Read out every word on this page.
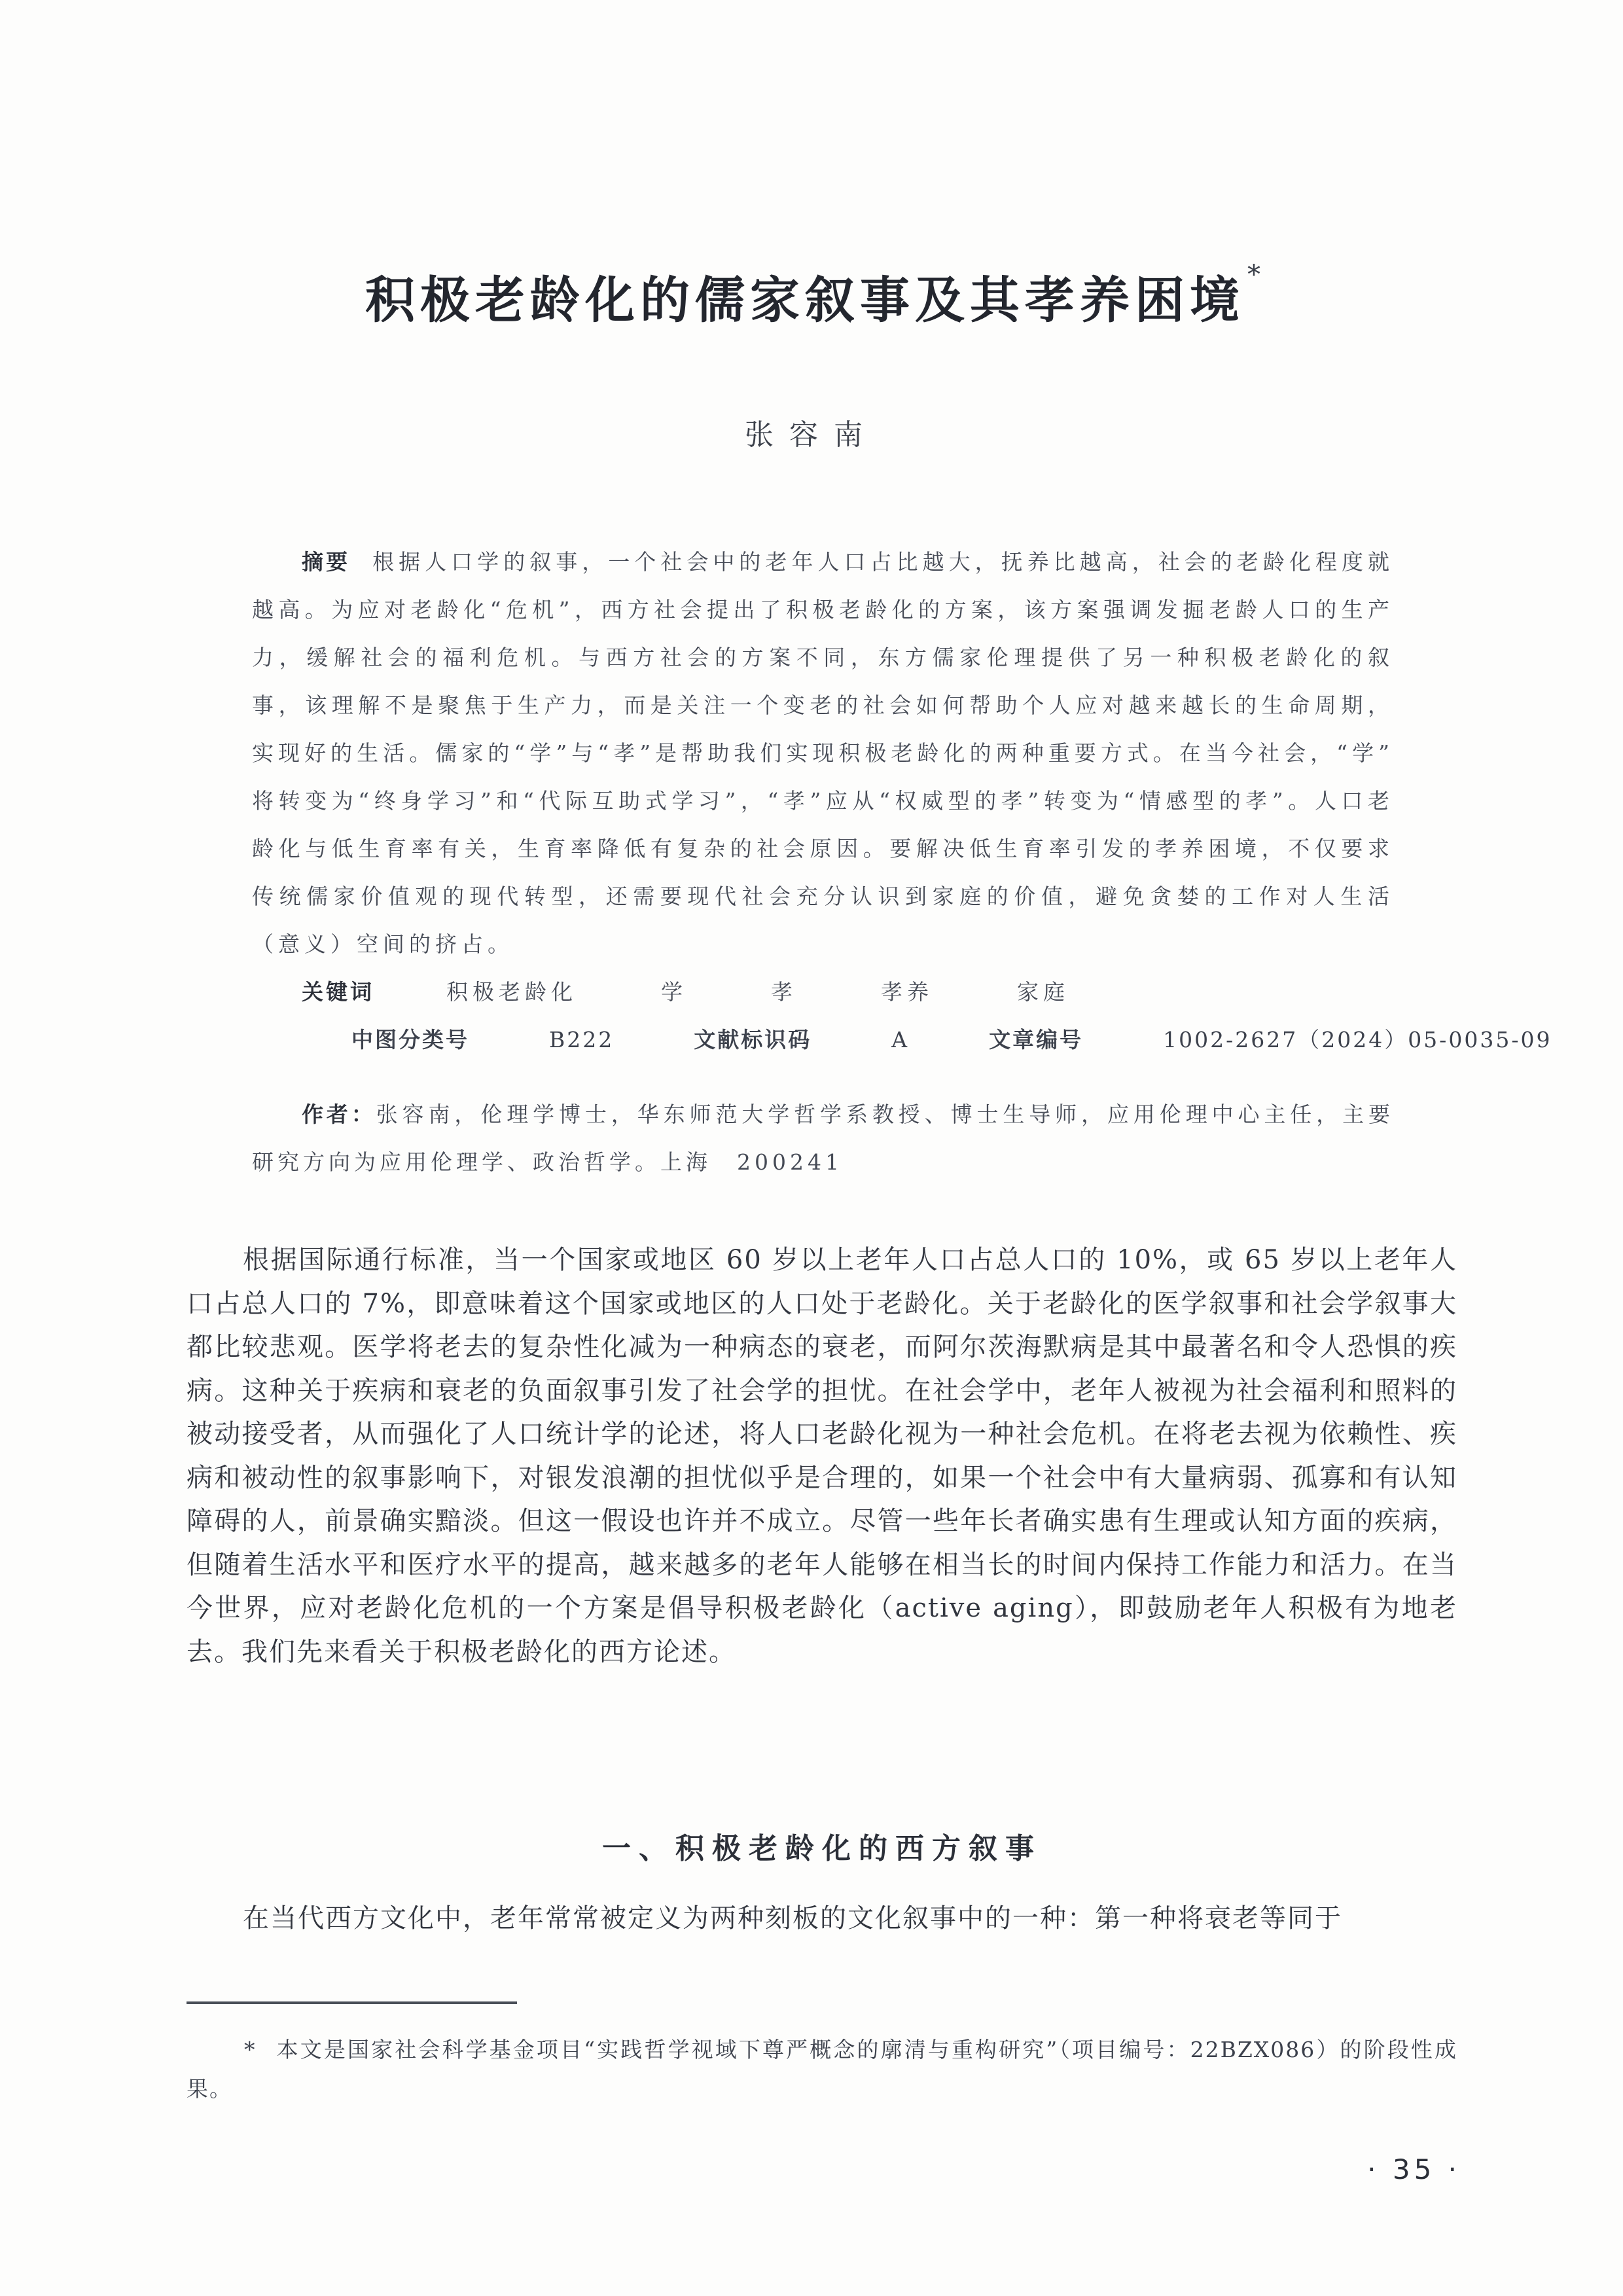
积极老龄化的儒家叙事及其孝养困境 *
张容南

摘要 根据人口学的叙事，一个社会中的老年人口占比越大，抚养比越高，社会的老龄化程度就越高。为应对老龄化“危机”，西方社会提出了积极老龄化的方案，该方案强调发掘老龄人口的生产力，缓解社会的福利危机。与西方社会的方案不同，东方儒家伦理提供了另一种积极老龄化的叙事，该理解不是聚焦于生产力，而是关注一个变老的社会如何帮助个人应对越来越长的生命周期，实现好的生活。儒家的“学”与“孝”是帮助我们实现积极老龄化的两种重要方式。在当今社会，“学”将转变为“终身学习”和“代际互助式学习”，“孝”应从“权威型的孝”转变为“情感型的孝”。人口老龄化与低生育率有关，生育率降低有复杂的社会原因。要解决低生育率引发的孝养困境，不仅要求传统儒家价值观的现代转型，还需要现代社会充分认识到家庭的价值，避免贪婪的工作对人生活（意义）空间的挤占。

关键词	积极老龄化	学	孝	孝养	家庭

中图分类号	B222	文献标识码	A	文章编号	1002-2627（2024）05-0035-09

作者：张容南，伦理学博士，华东师范大学哲学系教授、博士生导师，应用伦理中心主任，主要研究方向为应用伦理学、政治哲学。上海　200241

根据国际通行标准，当一个国家或地区 60 岁以上老年人口占总人口的 10%，或 65 岁以上老年人口占总人口的 7%，即意味着这个国家或地区的人口处于老龄化。关于老龄化的医学叙事和社会学叙事大都比较悲观。医学将老去的复杂性化减为一种病态的衰老，而阿尔茨海默病是其中最著名和令人恐惧的疾病。这种关于疾病和衰老的负面叙事引发了社会学的担忧。在社会学中，老年人被视为社会福利和照料的被动接受者，从而强化了人口统计学的论述，将人口老龄化视为一种社会危机。在将老去视为依赖性、疾病和被动性的叙事影响下，对银发浪潮的担忧似乎是合理的，如果一个社会中有大量病弱、孤寡和有认知障碍的人，前景确实黯淡。但这一假设也许并不成立。尽管一些年长者确实患有生理或认知方面的疾病，但随着生活水平和医疗水平的提高，越来越多的老年人能够在相当长的时间内保持工作能力和活力。在当今世界，应对老龄化危机的一个方案是倡导积极老龄化（active aging），即鼓励老年人积极有为地老去。我们先来看关于积极老龄化的西方论述。

一、积极老龄化的西方叙事

在当代西方文化中，老年常常被定义为两种刻板的文化叙事中的一种：第一种将衰老等同于

* 本文是国家社会科学基金项目“实践哲学视域下尊严概念的廓清与重构研究”（项目编号：22BZX086）的阶段性成果。

· 35 ·
